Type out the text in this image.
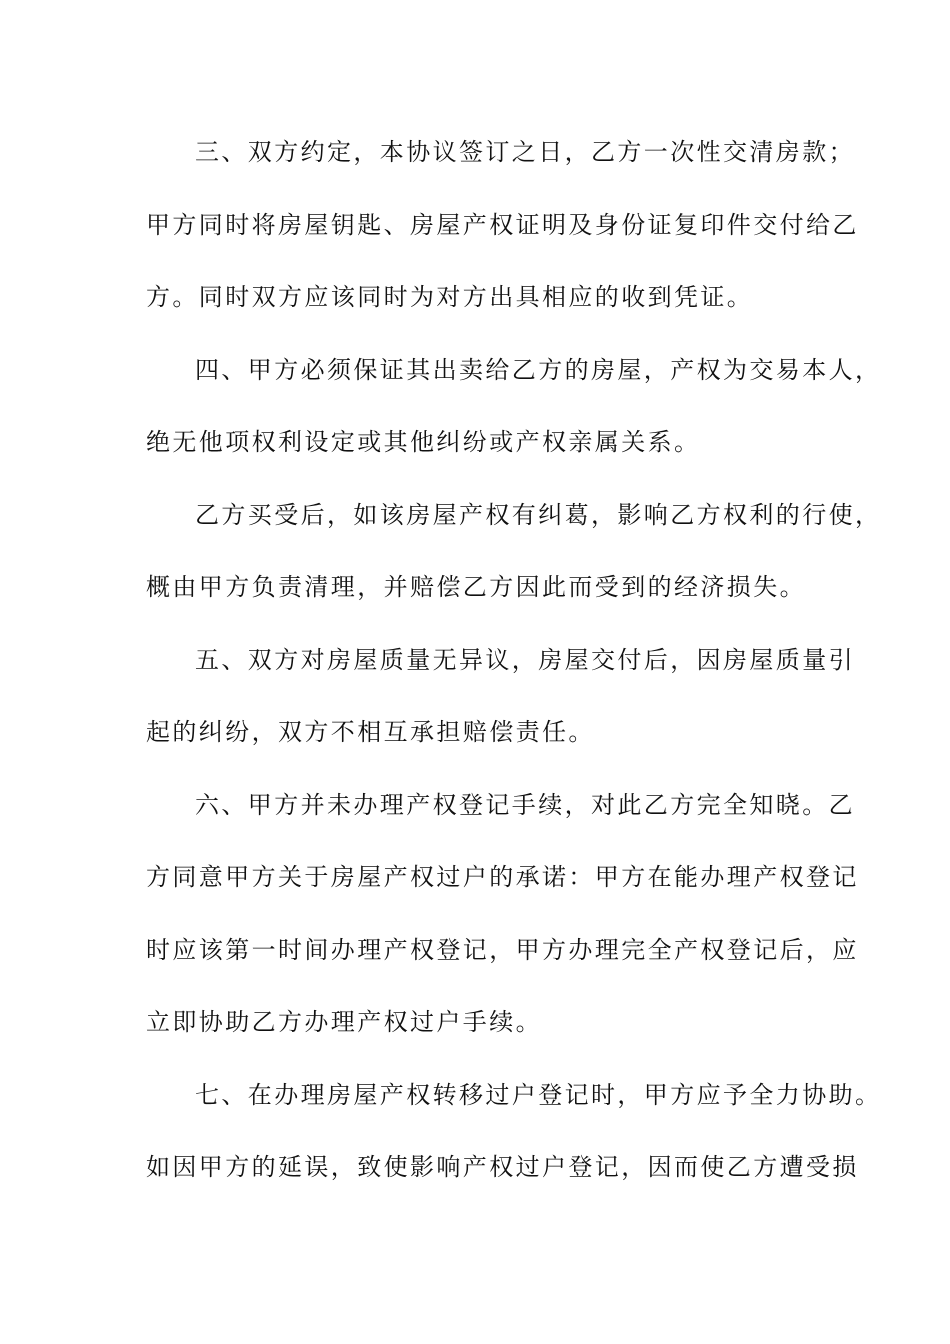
三、双方约定，本协议签订之日，乙方一次性交清房款；
甲方同时将房屋钥匙、房屋产权证明及身份证复印件交付给乙
方。同时双方应该同时为对方出具相应的收到凭证。
四、甲方必须保证其出卖给乙方的房屋，产权为交易本人，
绝无他项权利设定或其他纠纷或产权亲属关系。
乙方买受后，如该房屋产权有纠葛，影响乙方权利的行使，
概由甲方负责清理，并赔偿乙方因此而受到的经济损失。
五、双方对房屋质量无异议，房屋交付后，因房屋质量引
起的纠纷，双方不相互承担赔偿责任。
六、甲方并未办理产权登记手续，对此乙方完全知晓。乙
方同意甲方关于房屋产权过户的承诺：甲方在能办理产权登记
时应该第一时间办理产权登记，甲方办理完全产权登记后，应
立即协助乙方办理产权过户手续。
七、在办理房屋产权转移过户登记时，甲方应予全力协助。
如因甲方的延误，致使影响产权过户登记，因而使乙方遭受损
